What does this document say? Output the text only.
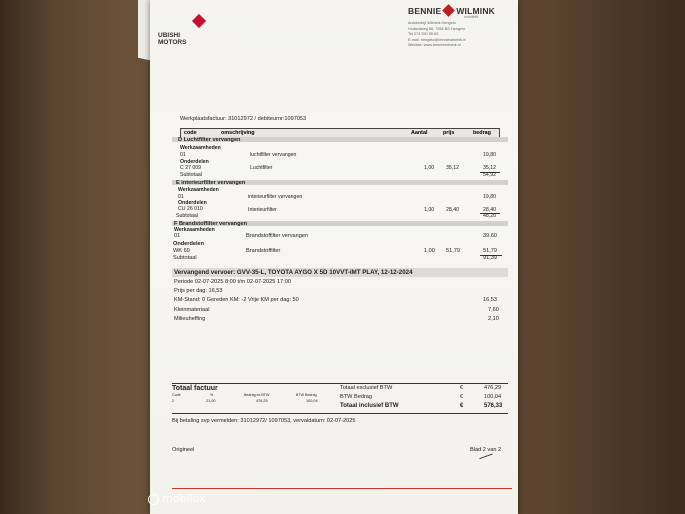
UBISHI
MOTORS
BENNIE WILMINK
mobiliteit
Autobedrijf Wilmink Hengelo
Hollandweg 66, 7556 BS Hengelo
Tel 074 250 55 63
E-mail: hengelo@benniewilmink.nl
Website: www.benniewilmink.nl
Werkplaatsfactuur: 31012972 / debiteurnr:1097053
code	omschrijving	Aantal	prijs	bedrag
D Luchtfilter vervangen
Werkzaamheden
01	luchtfilter vervangen	19,80
Onderdelen
C 27 009	Luchtfilter	1,00 35,12	35,12
Subtotaal	54,92
E interieurfilter vervangen
Werkzaamheden
01	interieurfilter vervangen	19,80
Onderdelen
CU 26 010	Interieurfilter	1,00 28,40	28,40
Subtotaal	48,20
F Brandstoffilter vervangen
Werkzaamheden
01	Brandstoffilter vervangen	39,60
Onderdelen
WK 69	Brandstoffilter	1,00 51,79	51,79
Subtotaal	91,39
Vervangend vervoer: GVV-35-L, TOYOTA AYGO X 5D 10VVT-iMT PLAY, 12-12-2024
Periode 02-07-2025 8:00 t/m 02-07-2025 17:00
Prijs per dag: 16,53
KM-Stand: 0 Gereden KM: -2 Vrije KM per dag: 50	16,53
Kleinmateriaal	7,60
Milieuheffing	2,10
Totaal factuur
Code	%	Bedrag ex BTW	BTW Bedrag
2	21,00	476,29	100,04
Totaal exclusief BTW	€	476,29
BTW Bedrag	€	100,04
Totaal inclusief BTW	€	576,33
Bij betaling svp vermelden: 31012972/ 1097053, vervaldatum: 02-07-2025
Origineel	Blad 2 van 2
mobilox
